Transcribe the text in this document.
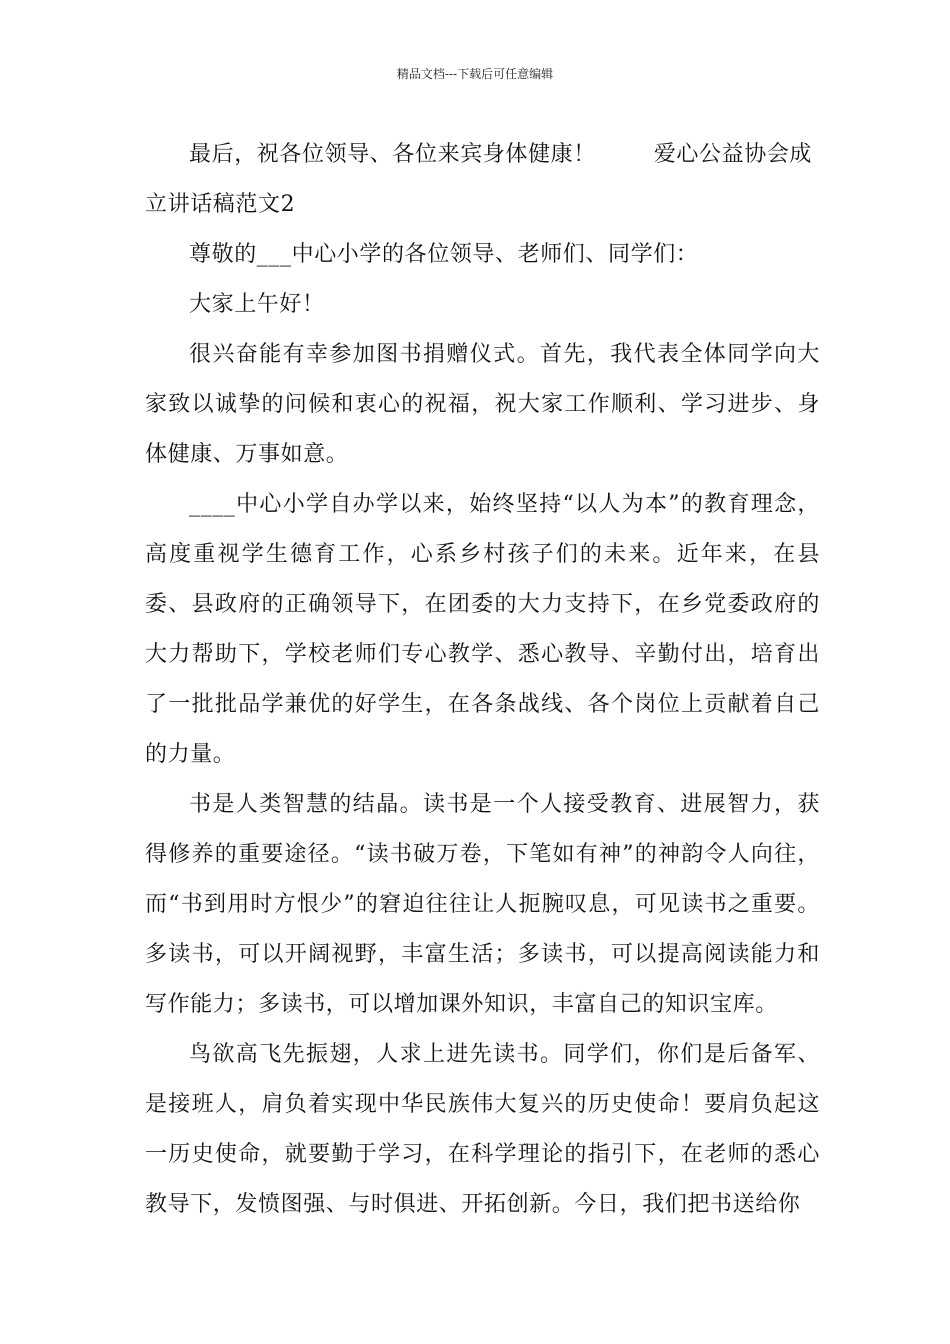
精品文档---下载后可任意编辑

最后，祝各位领导、各位来宾身体健康！	爱心公益协会成

立讲话稿范文2

尊敬的___中心小学的各位领导、老师们、同学们：

大家上午好！

很兴奋能有幸参加图书捐赠仪式。首先，我代表全体同学向大家致以诚挚的问候和衷心的祝福，祝大家工作顺利、学习进步、身体健康、万事如意。

____中心小学自办学以来，始终坚持“以人为本”的教育理念，高度重视学生德育工作，心系乡村孩子们的未来。近年来，在县委、县政府的正确领导下，在团委的大力支持下，在乡党委政府的大力帮助下，学校老师们专心教学、悉心教导、辛勤付出，培育出了一批批品学兼优的好学生，在各条战线、各个岗位上贡献着自己的力量。

书是人类智慧的结晶。读书是一个人接受教育、进展智力，获得修养的重要途径。“读书破万卷，下笔如有神”的神韵令人向往，而“书到用时方恨少”的窘迫往往让人扼腕叹息，可见读书之重要。多读书，可以开阔视野，丰富生活；多读书，可以提高阅读能力和写作能力；多读书，可以增加课外知识，丰富自己的知识宝库。

鸟欲高飞先振翅，人求上进先读书。同学们，你们是后备军、是接班人，肩负着实现中华民族伟大复兴的历史使命！要肩负起这一历史使命，就要勤于学习，在科学理论的指引下，在老师的悉心教导下，发愤图强、与时俱进、开拓创新。今日，我们把书送给你
